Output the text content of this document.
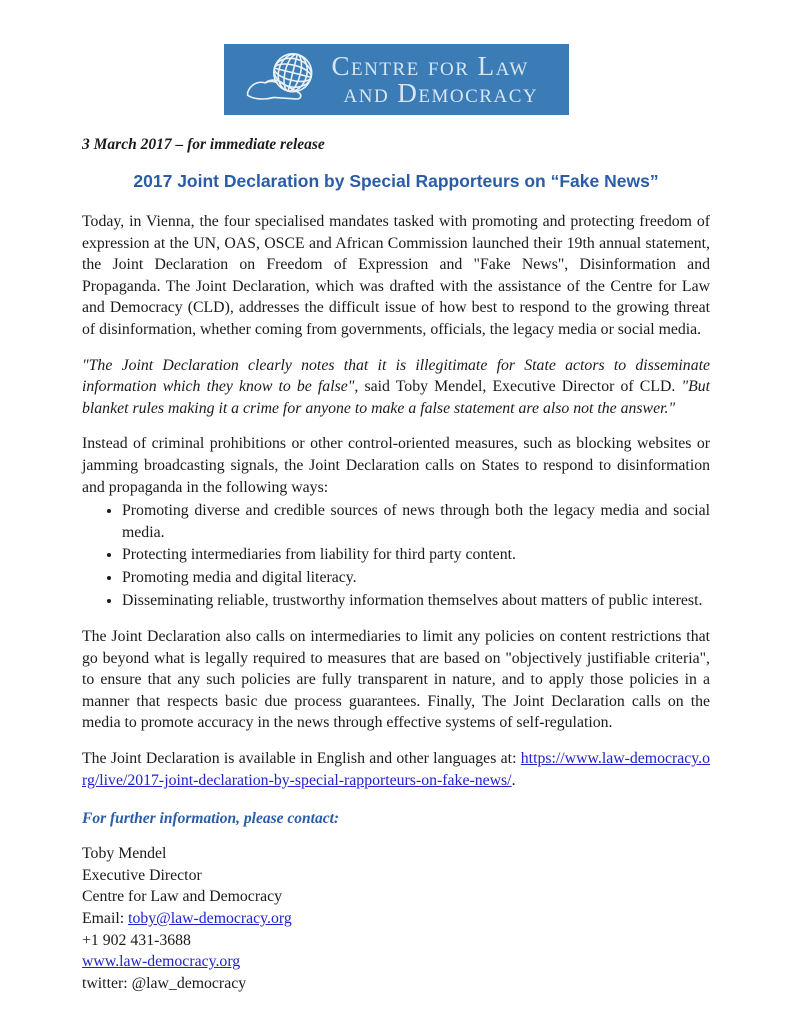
Centre for Law
and Democracy

3 March 2017 – for immediate release

2017 Joint Declaration by Special Rapporteurs on “Fake News”

Today, in Vienna, the four specialised mandates tasked with promoting and protecting freedom of expression at the UN, OAS, OSCE and African Commission launched their 19th annual statement, the Joint Declaration on Freedom of Expression and "Fake News", Disinformation and Propaganda. The Joint Declaration, which was drafted with the assistance of the Centre for Law and Democracy (CLD), addresses the difficult issue of how best to respond to the growing threat of disinformation, whether coming from governments, officials, the legacy media or social media.

"The Joint Declaration clearly notes that it is illegitimate for State actors to disseminate information which they know to be false", said Toby Mendel, Executive Director of CLD. "But blanket rules making it a crime for anyone to make a false statement are also not the answer."

Instead of criminal prohibitions or other control-oriented measures, such as blocking websites or jamming broadcasting signals, the Joint Declaration calls on States to respond to disinformation and propaganda in the following ways:

• Promoting diverse and credible sources of news through both the legacy media and social media.
• Protecting intermediaries from liability for third party content.
• Promoting media and digital literacy.
• Disseminating reliable, trustworthy information themselves about matters of public interest.

The Joint Declaration also calls on intermediaries to limit any policies on content restrictions that go beyond what is legally required to measures that are based on "objectively justifiable criteria", to ensure that any such policies are fully transparent in nature, and to apply those policies in a manner that respects basic due process guarantees. Finally, The Joint Declaration calls on the media to promote accuracy in the news through effective systems of self-regulation.

The Joint Declaration is available in English and other languages at: https://www.law-democracy.org/live/2017-joint-declaration-by-special-rapporteurs-on-fake-news/.

For further information, please contact:

Toby Mendel
Executive Director
Centre for Law and Democracy
Email: toby@law-democracy.org
+1 902 431-3688
www.law-democracy.org
twitter: @law_democracy
